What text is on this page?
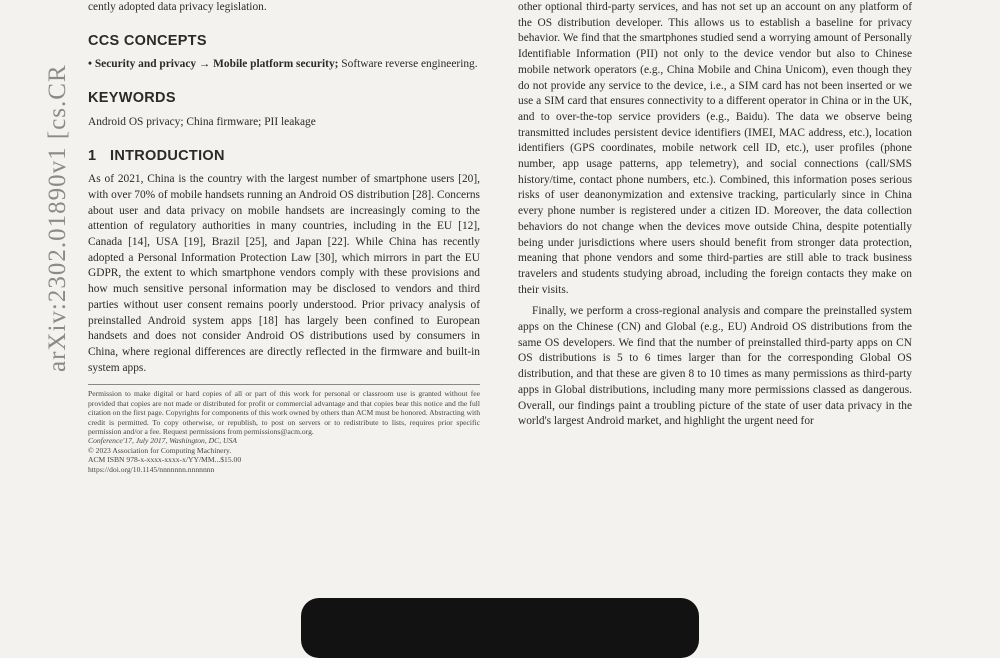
arXiv:2302.01890v1 [cs.CR

cently adopted data privacy legislation.

CCS CONCEPTS

• Security and privacy → Mobile platform security; Software reverse engineering.

KEYWORDS

Android OS privacy; China firmware; PII leakage

1 INTRODUCTION

As of 2021, China is the country with the largest number of smartphone users [20], with over 70% of mobile handsets running an Android OS distribution [28]. Concerns about user and data privacy on mobile handsets are increasingly coming to the attention of regulatory authorities in many countries, including in the EU [12], Canada [14], USA [19], Brazil [25], and Japan [22]. While China has recently adopted a Personal Information Protection Law [30], which mirrors in part the EU GDPR, the extent to which smartphone vendors comply with these provisions and how much sensitive personal information may be disclosed to vendors and third parties without user consent remains poorly understood. Prior privacy analysis of preinstalled Android system apps [18] has largely been confined to European handsets and does not consider Android OS distributions used by consumers in China, where regional differences are directly reflected in the firmware and built-in system apps.

Permission to make digital or hard copies of all or part of this work for personal or classroom use is granted without fee provided that copies are not made or distributed for profit or commercial advantage and that copies bear this notice and the full citation on the first page. Copyrights for components of this work owned by others than ACM must be honored. Abstracting with credit is permitted. To copy otherwise, or republish, to post on servers or to redistribute to lists, requires prior specific permission and/or a fee. Request permissions from permissions@acm.org.
Conference'17, July 2017, Washington, DC, USA
© 2023 Association for Computing Machinery.
ACM ISBN 978-x-xxxx-xxxx-x/YY/MM...$15.00
https://doi.org/10.1145/nnnnnnn.nnnnnnn

other optional third-party services, and has not set up an account on any platform of the OS distribution developer. This allows us to establish a baseline for privacy behavior. We find that the smartphones studied send a worrying amount of Personally Identifiable Information (PII) not only to the device vendor but also to Chinese mobile network operators (e.g., China Mobile and China Unicom), even though they do not provide any service to the device, i.e., a SIM card has not been inserted or we use a SIM card that ensures connectivity to a different operator in China or in the UK, and to over-the-top service providers (e.g., Baidu). The data we observe being transmitted includes persistent device identifiers (IMEI, MAC address, etc.), location identifiers (GPS coordinates, mobile network cell ID, etc.), user profiles (phone number, app usage patterns, app telemetry), and social connections (call/SMS history/time, contact phone numbers, etc.). Combined, this information poses serious risks of user deanonymization and extensive tracking, particularly since in China every phone number is registered under a citizen ID. Moreover, the data collection behaviors do not change when the devices move outside China, despite potentially being under jurisdictions where users should benefit from stronger data protection, meaning that phone vendors and some third-parties are still able to track business travelers and students studying abroad, including the foreign contacts they make on their visits.

Finally, we perform a cross-regional analysis and compare the preinstalled system apps on the Chinese (CN) and Global (e.g., EU) Android OS distributions from the same OS developers. We find that the number of preinstalled third-party apps on CN OS distributions is 5 to 6 times larger than for the corresponding Global OS distribution, and that these are given 8 to 10 times as many permissions as third-party apps in Global distributions, including many more permissions classed as dangerous. Overall, our findings paint a troubling picture of the state of user data privacy in the world's largest Android market, and highlight the urgent need for
